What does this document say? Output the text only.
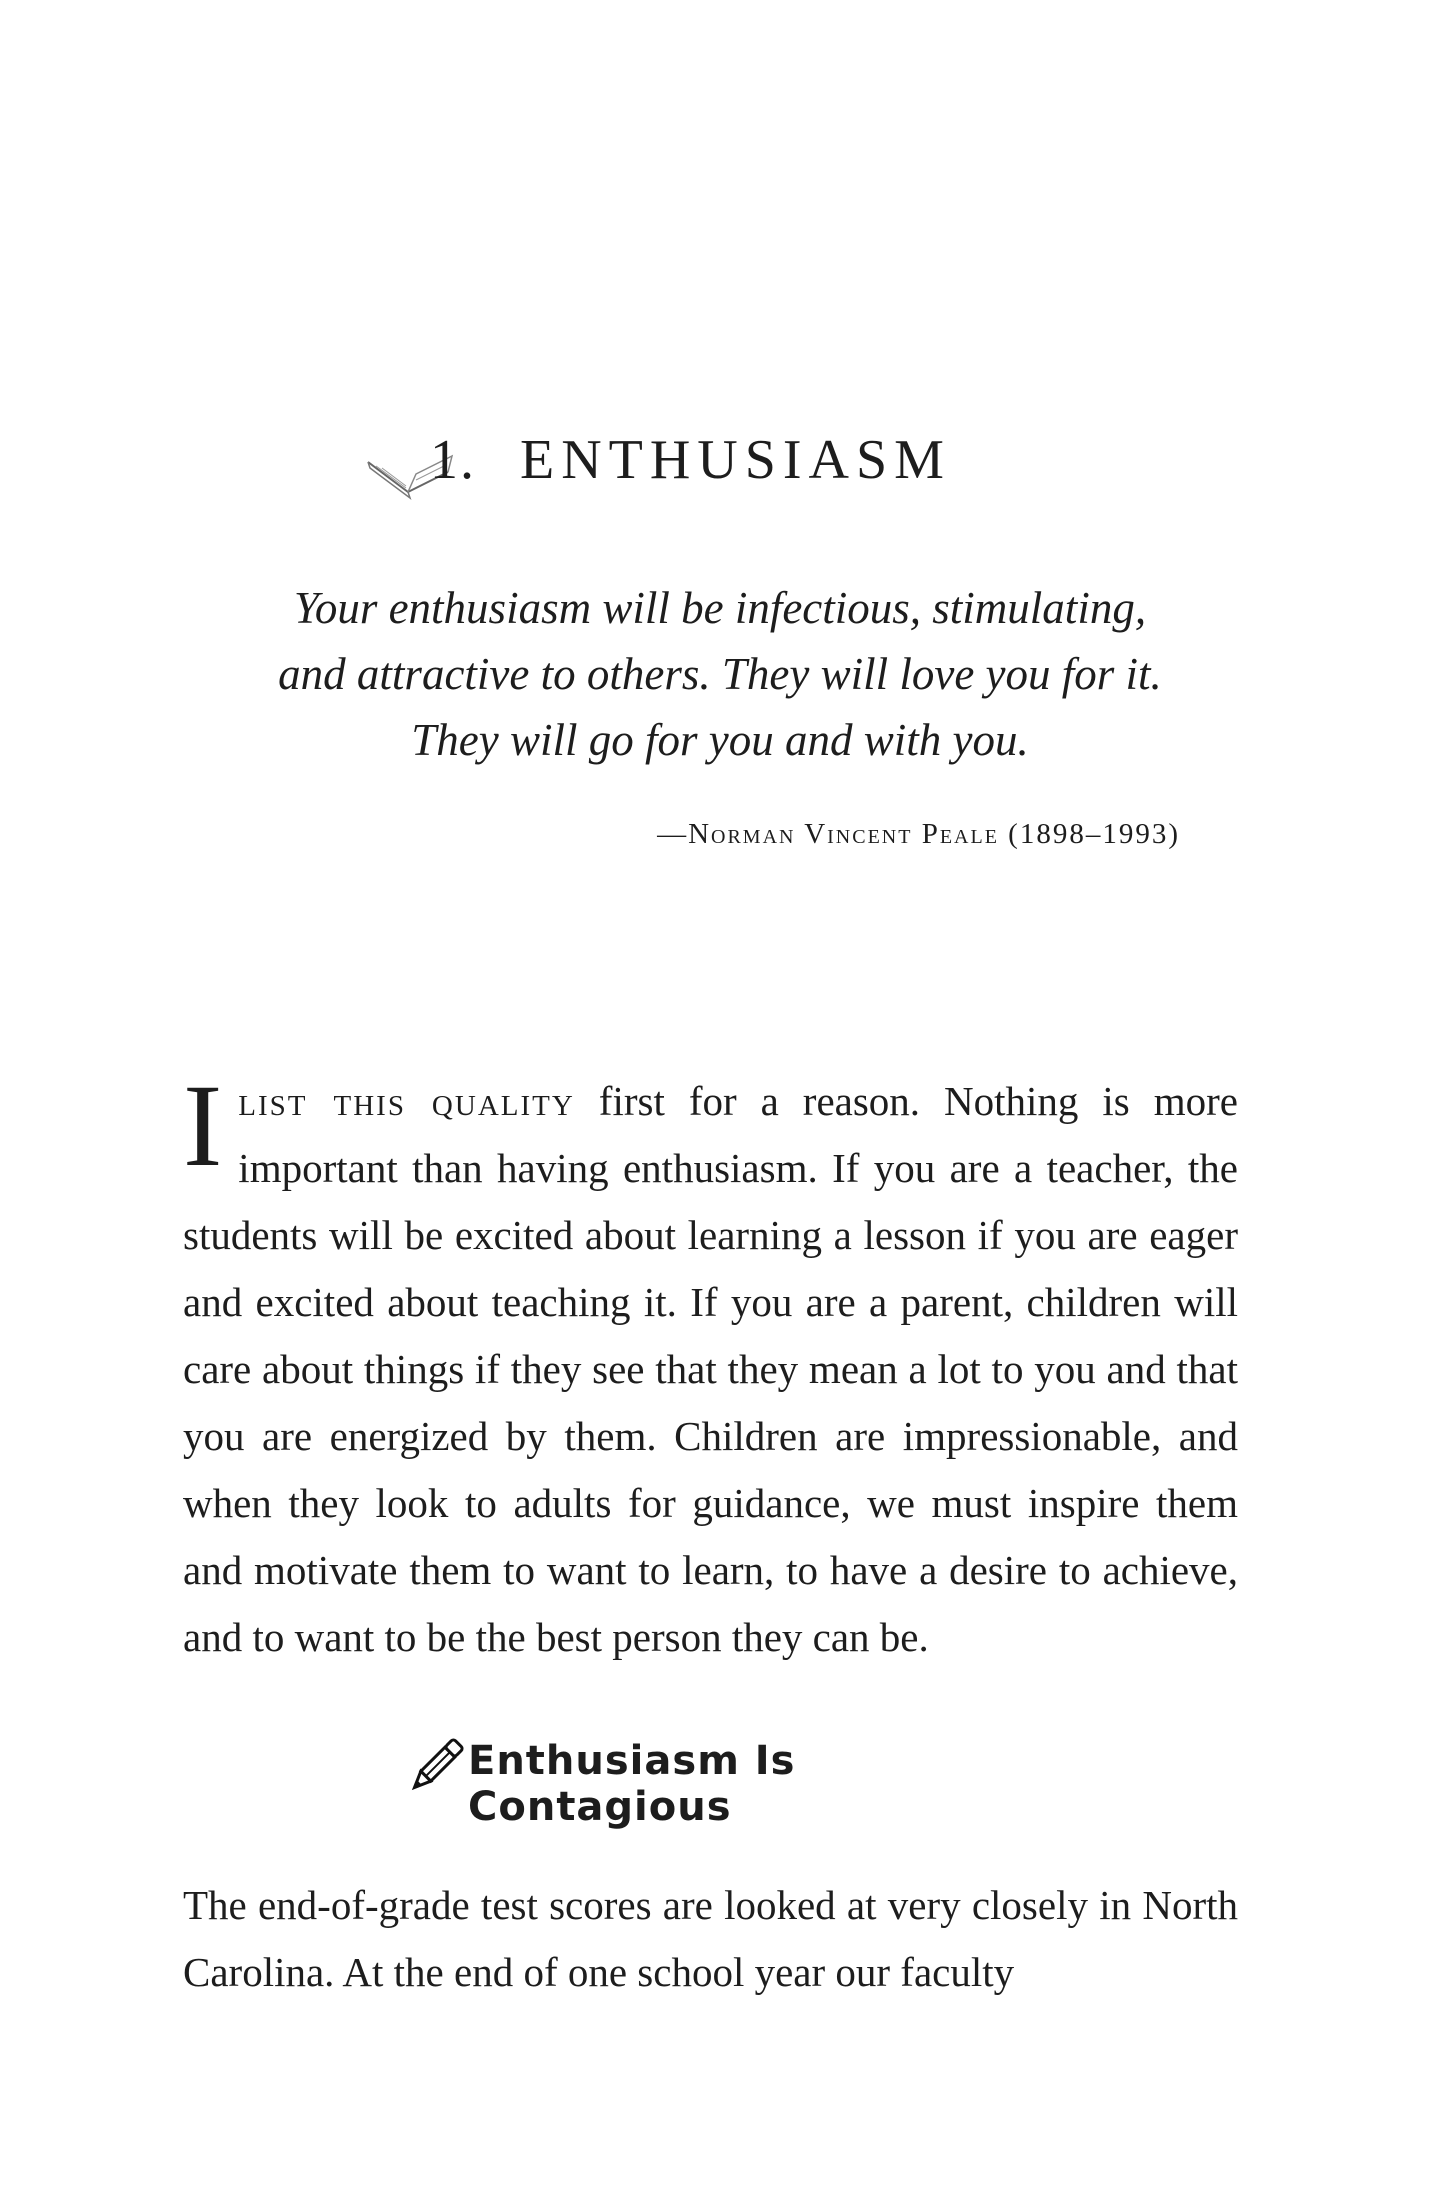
1. ENTHUSIASM
Your enthusiasm will be infectious, stimulating,
and attractive to others. They will love you for it.
They will go for you and with you.
—Norman Vincent Peale (1898–1993)
Ilist this quality first for a reason. Nothing is more important than having enthusiasm. If you are a teacher, the students will be excited about learning a lesson if you are eager and excited about teaching it. If you are a parent, children will care about things if they see that they mean a lot to you and that you are energized by them. Children are impressionable, and when they look to adults for guidance, we must inspire them and motivate them to want to learn, to have a desire to achieve, and to want to be the best person they can be.
Enthusiasm Is Contagious
The end-of-grade test scores are looked at very closely in North Carolina. At the end of one school year our faculty
